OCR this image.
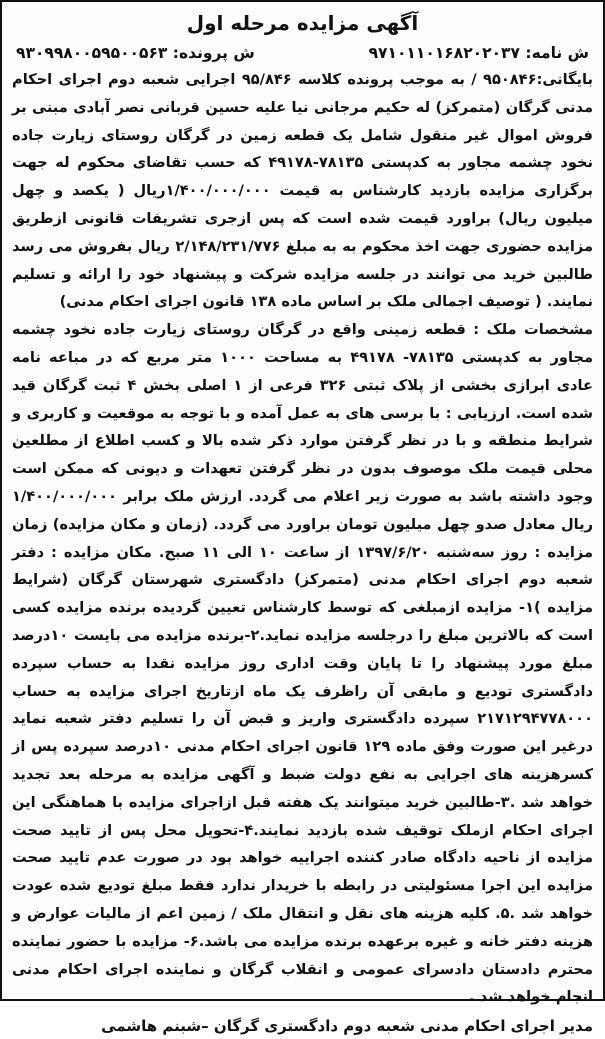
آگهی مزایده مرحله اول
ش نامه: ۹۷۱۰۱۱۰۱۶۸۲۰۲۰۳۷
ش پرونده: ۹۳۰۹۹۸۰۰۵۹۵۰۰۵۶۳

بایگانی:۹۵۰۸۴۶ / به موجب پرونده کلاسه ۹۵/۸۴۶ اجرایی شعبه دوم اجرای احکام مدنی گرگان (متمرکز) له حکیم مرجانی نیا علیه حسین قربانی نصر آبادی مبنی بر فروش اموال غیر منقول شامل یک قطعه زمین در گرگان روستای زیارت جاده نخود چشمه مجاور به کدپستی ۷۸۱۳۵-۴۹۱۷۸ که حسب تقاضای محکوم له جهت برگزاری مزایده بازدید کارشناس به قیمت ۱/۴۰۰/۰۰۰/۰۰۰ریال ( یکصد و چهل میلیون ریال) براورد قیمت شده است که پس ازجری تشریفات قانونی ازطریق مزایده حضوری جهت اخذ محکوم به به مبلغ ۲/۱۴۸/۲۳۱/۷۷۶ ریال بفروش می رسد طالبین خرید می توانند در جلسه مزایده شرکت و پیشنهاد خود را ارائه و تسلیم نمایند. ( توصیف اجمالی ملک بر اساس ماده ۱۳۸ قانون اجرای احکام مدنی)

مشخصات ملک : قطعه زمینی واقع در گرگان روستای زیارت جاده نخود چشمه مجاور به کدپستی ۷۸۱۳۵- ۴۹۱۷۸ به مساحت ۱۰۰۰ متر مربع که در مباعه نامه عادی ابرازی بخشی از پلاک ثبتی ۳۲۶ فرعی از ۱ اصلی بخش ۴ ثبت گرگان قید شده است. ارزیابی : با برسی های به عمل آمده و با توجه به موقعیت و کاربری و شرایط منطقه و با در نظر گرفتن موارد ذکر شده بالا و کسب اطلاع از مطلعین محلی قیمت ملک موصوف بدون در نظر گرفتن تعهدات و دیونی که ممکن است وجود داشته باشد به صورت زیر اعلام می گردد. ارزش ملک برابر ۱/۴۰۰/۰۰۰/۰۰۰ ریال معادل صدو چهل میلیون تومان براورد می گردد. (زمان و مکان مزایده) زمان مزایده : روز سه‌شنبه ۱۳۹۷/۶/۲۰ از ساعت ۱۰ الی ۱۱ صبح. مکان مزایده : دفتر شعبه دوم اجرای احکام مدنی (متمرکز) دادگستری شهرستان گرگان (شرایط مزایده )۱- مزایده ازمبلغی که توسط کارشناس تعیین گردیده برنده مزایده کسی است که بالاترین مبلغ را درجلسه مزایده نماید.۲-برنده مزایده می بایست ۱۰درصد مبلغ مورد پیشنهاد را تا پایان وقت اداری روز مزایده نقدا به حساب سپرده دادگستری تودیع و مابقی آن راظرف یک ماه ازتاریخ اجرای مزایده به حساب ۲۱۷۱۲۹۴۷۷۸۰۰۰ سپرده دادگستری واریز و قبض آن را تسلیم دفتر شعبه نماید درغیر این صورت وفق ماده ۱۲۹ قانون اجرای احکام مدنی ۱۰درصد سپرده پس از کسرهزینه های اجرایی به نفع دولت ضبط و آگهی مزایده به مرحله بعد تجدید خواهد شد .۳-طالبین خرید میتوانند یک هفته قبل ازاجرای مزایده با هماهنگی این اجرای احکام ازملک توقیف شده بازدید نمایند.۴-تحویل محل پس از تایید صحت مزایده از ناحیه دادگاه صادر کننده اجراییه خواهد بود در صورت عدم تایید صحت مزایده این اجرا مسئولیتی در رابطه با خریدار ندارد فقط مبلغ تودیع شده عودت خواهد شد .۵. کلیه هزینه های نقل و انتقال ملک / زمین اعم از مالیات عوارض و هزینه دفتر خانه و غیره برعهده برنده مزایده می باشد.۶- مزایده با حضور نماینده محترم دادستان دادسرای عمومی و انقلاب گرگان و نماینده اجرای احکام مدنی انجام خواهد شد .

مدیر اجرای احکام مدنی شعبه دوم دادگستری گرگان –شبنم هاشمی
